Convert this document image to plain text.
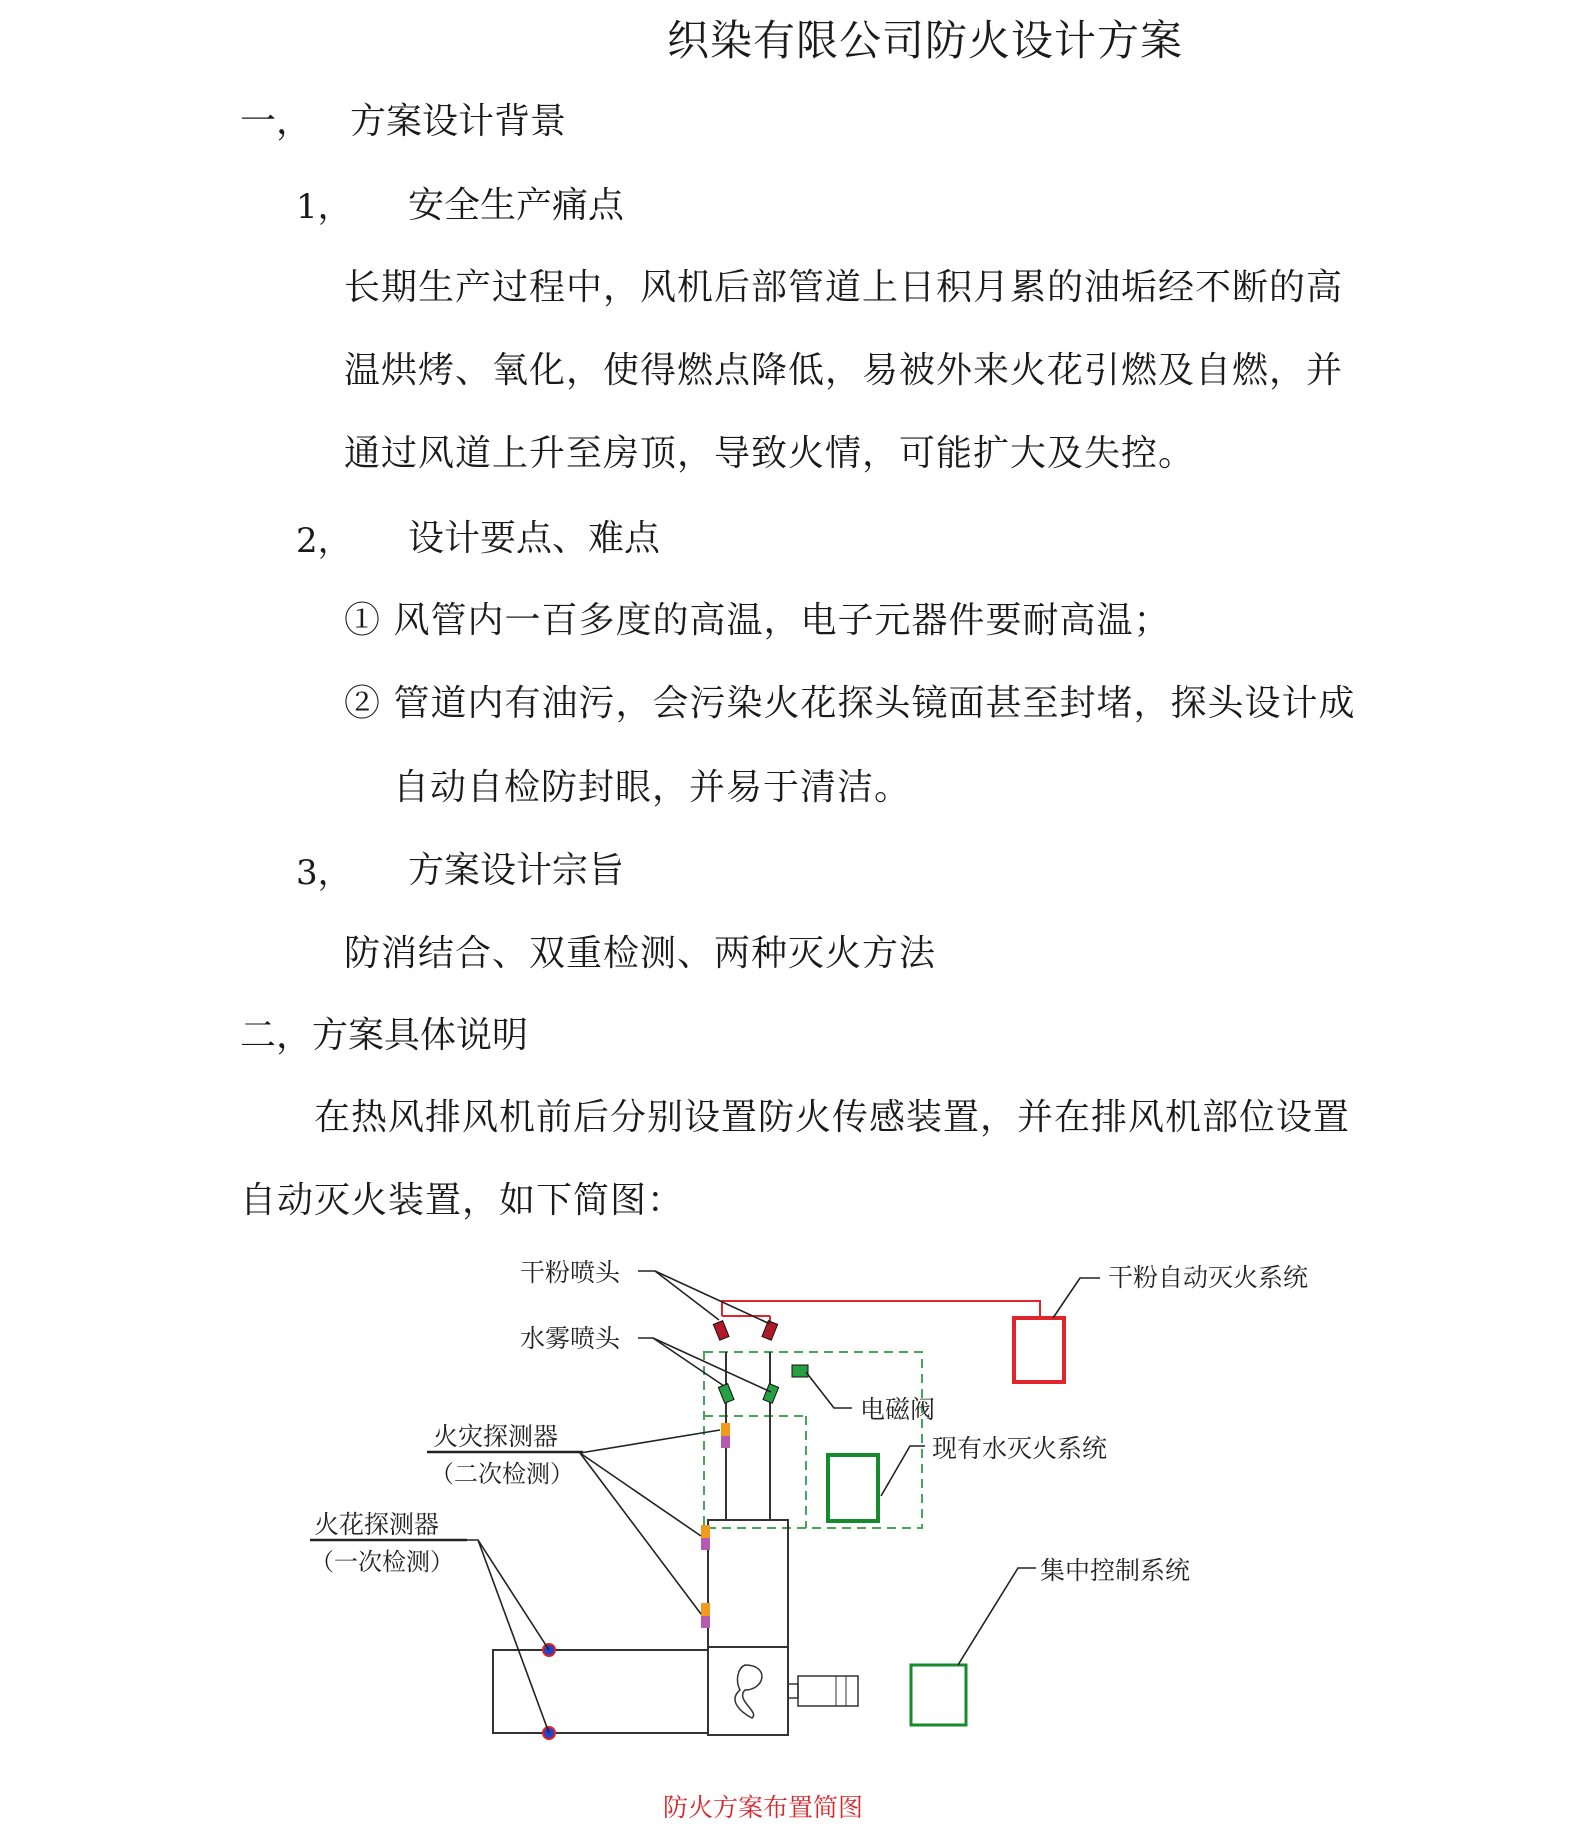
织染有限公司防火设计方案
一， 方案设计背景
1， 安全生产痛点
长期生产过程中，风机后部管道上日积月累的油垢经不断的高
温烘烤、氧化，使得燃点降低，易被外来火花引燃及自燃，并
通过风道上升至房顶，导致火情，可能扩大及失控。
2， 设计要点、难点
① 风管内一百多度的高温，电子元器件要耐高温；
② 管道内有油污，会污染火花探头镜面甚至封堵，探头设计成
自动自检防封眼，并易于清洁。
3， 方案设计宗旨
防消结合、双重检测、两种灭火方法
二，方案具体说明
在热风排风机前后分别设置防火传感装置，并在排风机部位设置
自动灭火装置，如下简图：
干粉喷头
水雾喷头
干粉自动灭火系统
电磁阀
现有水灭火系统
火灾探测器
（二次检测）
火花探测器
（一次检测）	集中控制系统
防火方案布置简图
